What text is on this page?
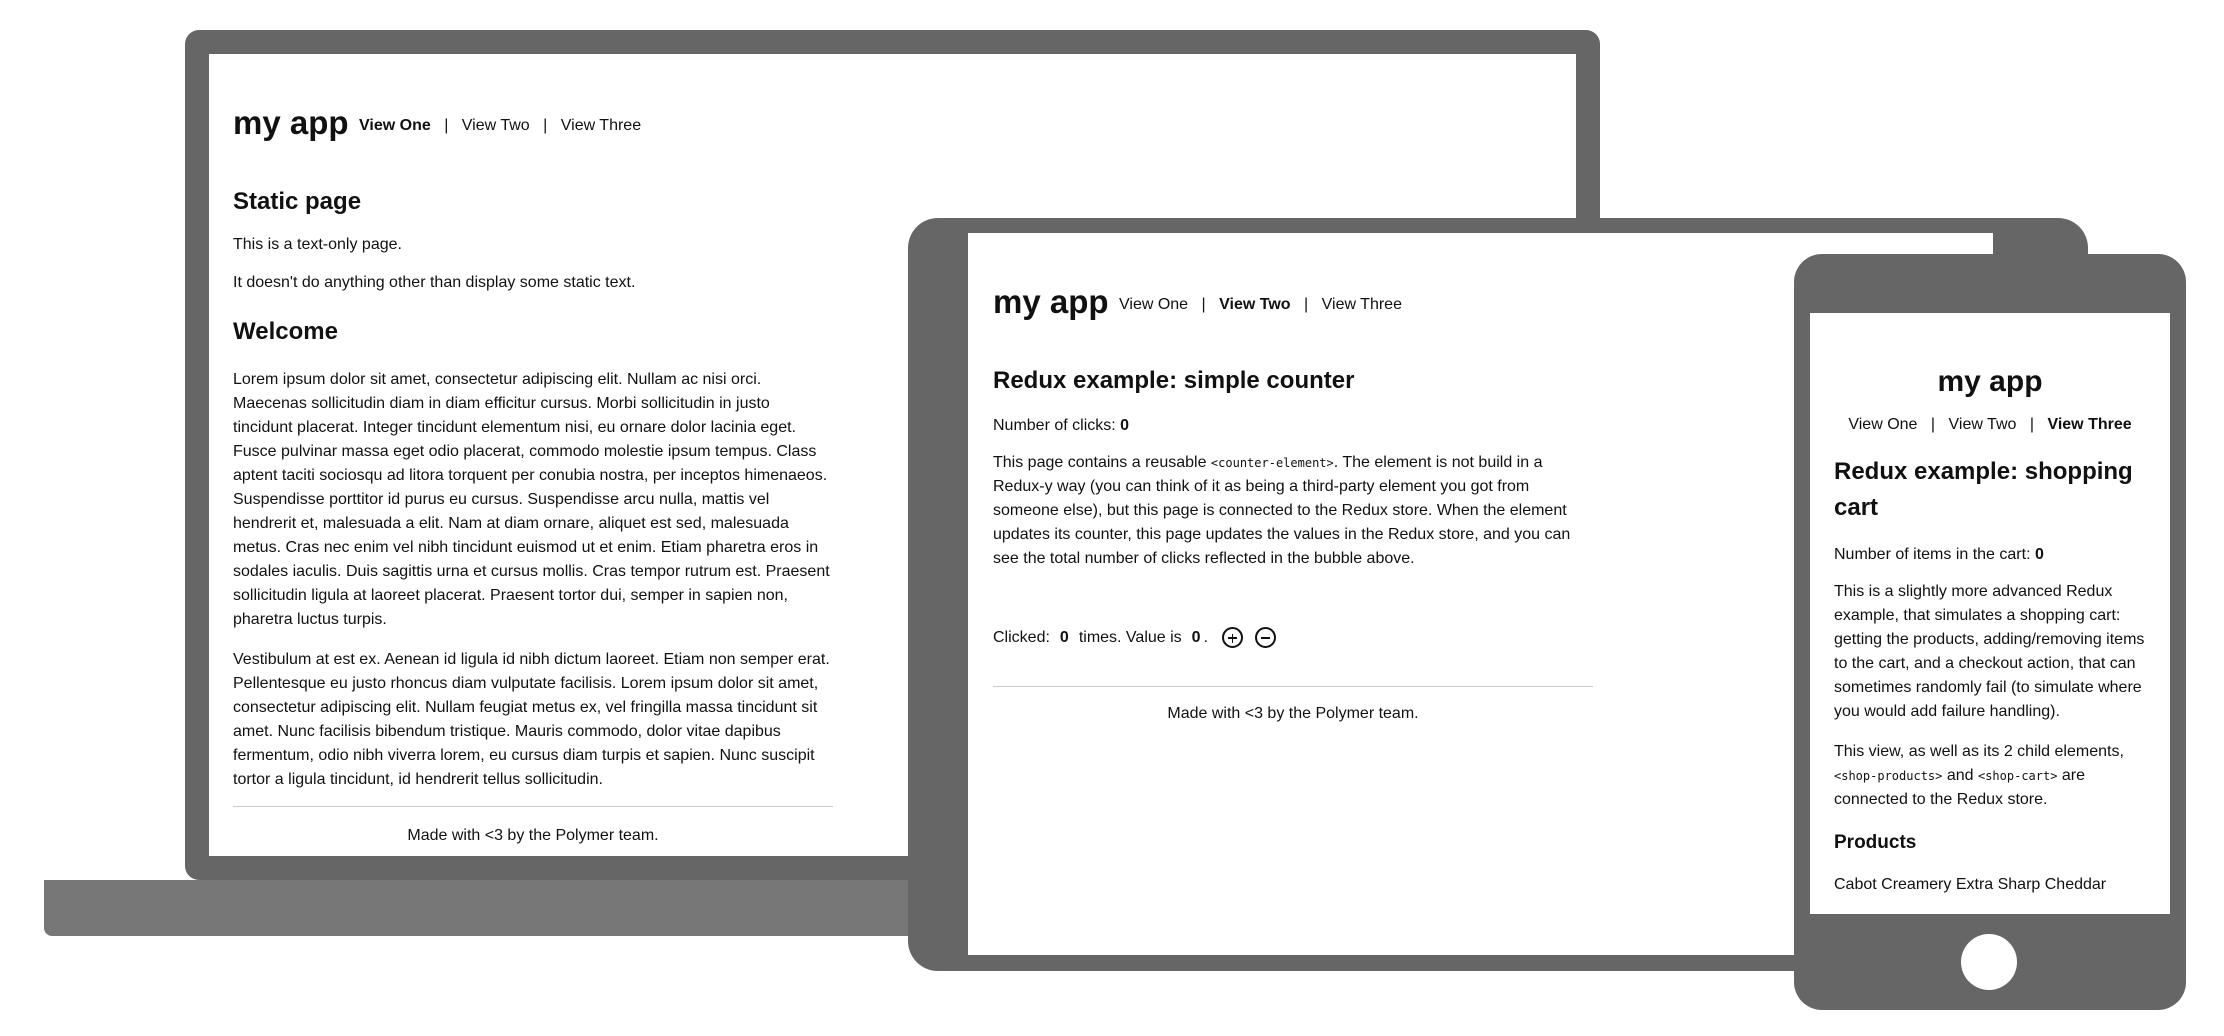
my app View One | View Two | View Three
Static page

This is a text-only page.

It doesn't do anything other than display some static text.

Welcome

Lorem ipsum dolor sit amet, consectetur adipiscing elit. Nullam ac nisi orci. Maecenas sollicitudin diam in diam efficitur cursus. Morbi sollicitudin in justo tincidunt placerat. Integer tincidunt elementum nisi, eu ornare dolor lacinia eget. Fusce pulvinar massa eget odio placerat, commodo molestie ipsum tempus. Class aptent taciti sociosqu ad litora torquent per conubia nostra, per inceptos himenaeos. Suspendisse porttitor id purus eu cursus. Suspendisse arcu nulla, mattis vel hendrerit et, malesuada a elit. Nam at diam ornare, aliquet est sed, malesuada metus. Cras nec enim vel nibh tincidunt euismod ut et enim. Etiam pharetra eros in sodales iaculis. Duis sagittis urna et cursus mollis. Cras tempor rutrum est. Praesent sollicitudin ligula at laoreet placerat. Praesent tortor dui, semper in sapien non, pharetra luctus turpis.

Vestibulum at est ex. Aenean id ligula id nibh dictum laoreet. Etiam non semper erat. Pellentesque eu justo rhoncus diam vulputate facilisis. Lorem ipsum dolor sit amet, consectetur adipiscing elit. Nullam feugiat metus ex, vel fringilla massa tincidunt sit amet. Nunc facilisis bibendum tristique. Mauris commodo, dolor vitae dapibus fermentum, odio nibh viverra lorem, eu cursus diam turpis et sapien. Nunc suscipit tortor a ligula tincidunt, id hendrerit tellus sollicitudin.

Made with <3 by the Polymer team.

my app View One | View Two | View Three
Redux example: simple counter

Number of clicks: 0

This page contains a reusable <counter-element>. The element is not build in a Redux-y way (you can think of it as being a third-party element you got from someone else), but this page is connected to the Redux store. When the element updates its counter, this page updates the values in the Redux store, and you can see the total number of clicks reflected in the bubble above.

Clicked: 0 times. Value is 0 .

Made with <3 by the Polymer team.

my app
View One | View Two | View Three
Redux example: shopping cart

Number of items in the cart: 0

This is a slightly more advanced Redux example, that simulates a shopping cart: getting the products, adding/removing items to the cart, and a checkout action, that can sometimes randomly fail (to simulate where you would add failure handling).

This view, as well as its 2 child elements, <shop-products> and <shop-cart> are connected to the Redux store.

Products

Cabot Creamery Extra Sharp Cheddar
